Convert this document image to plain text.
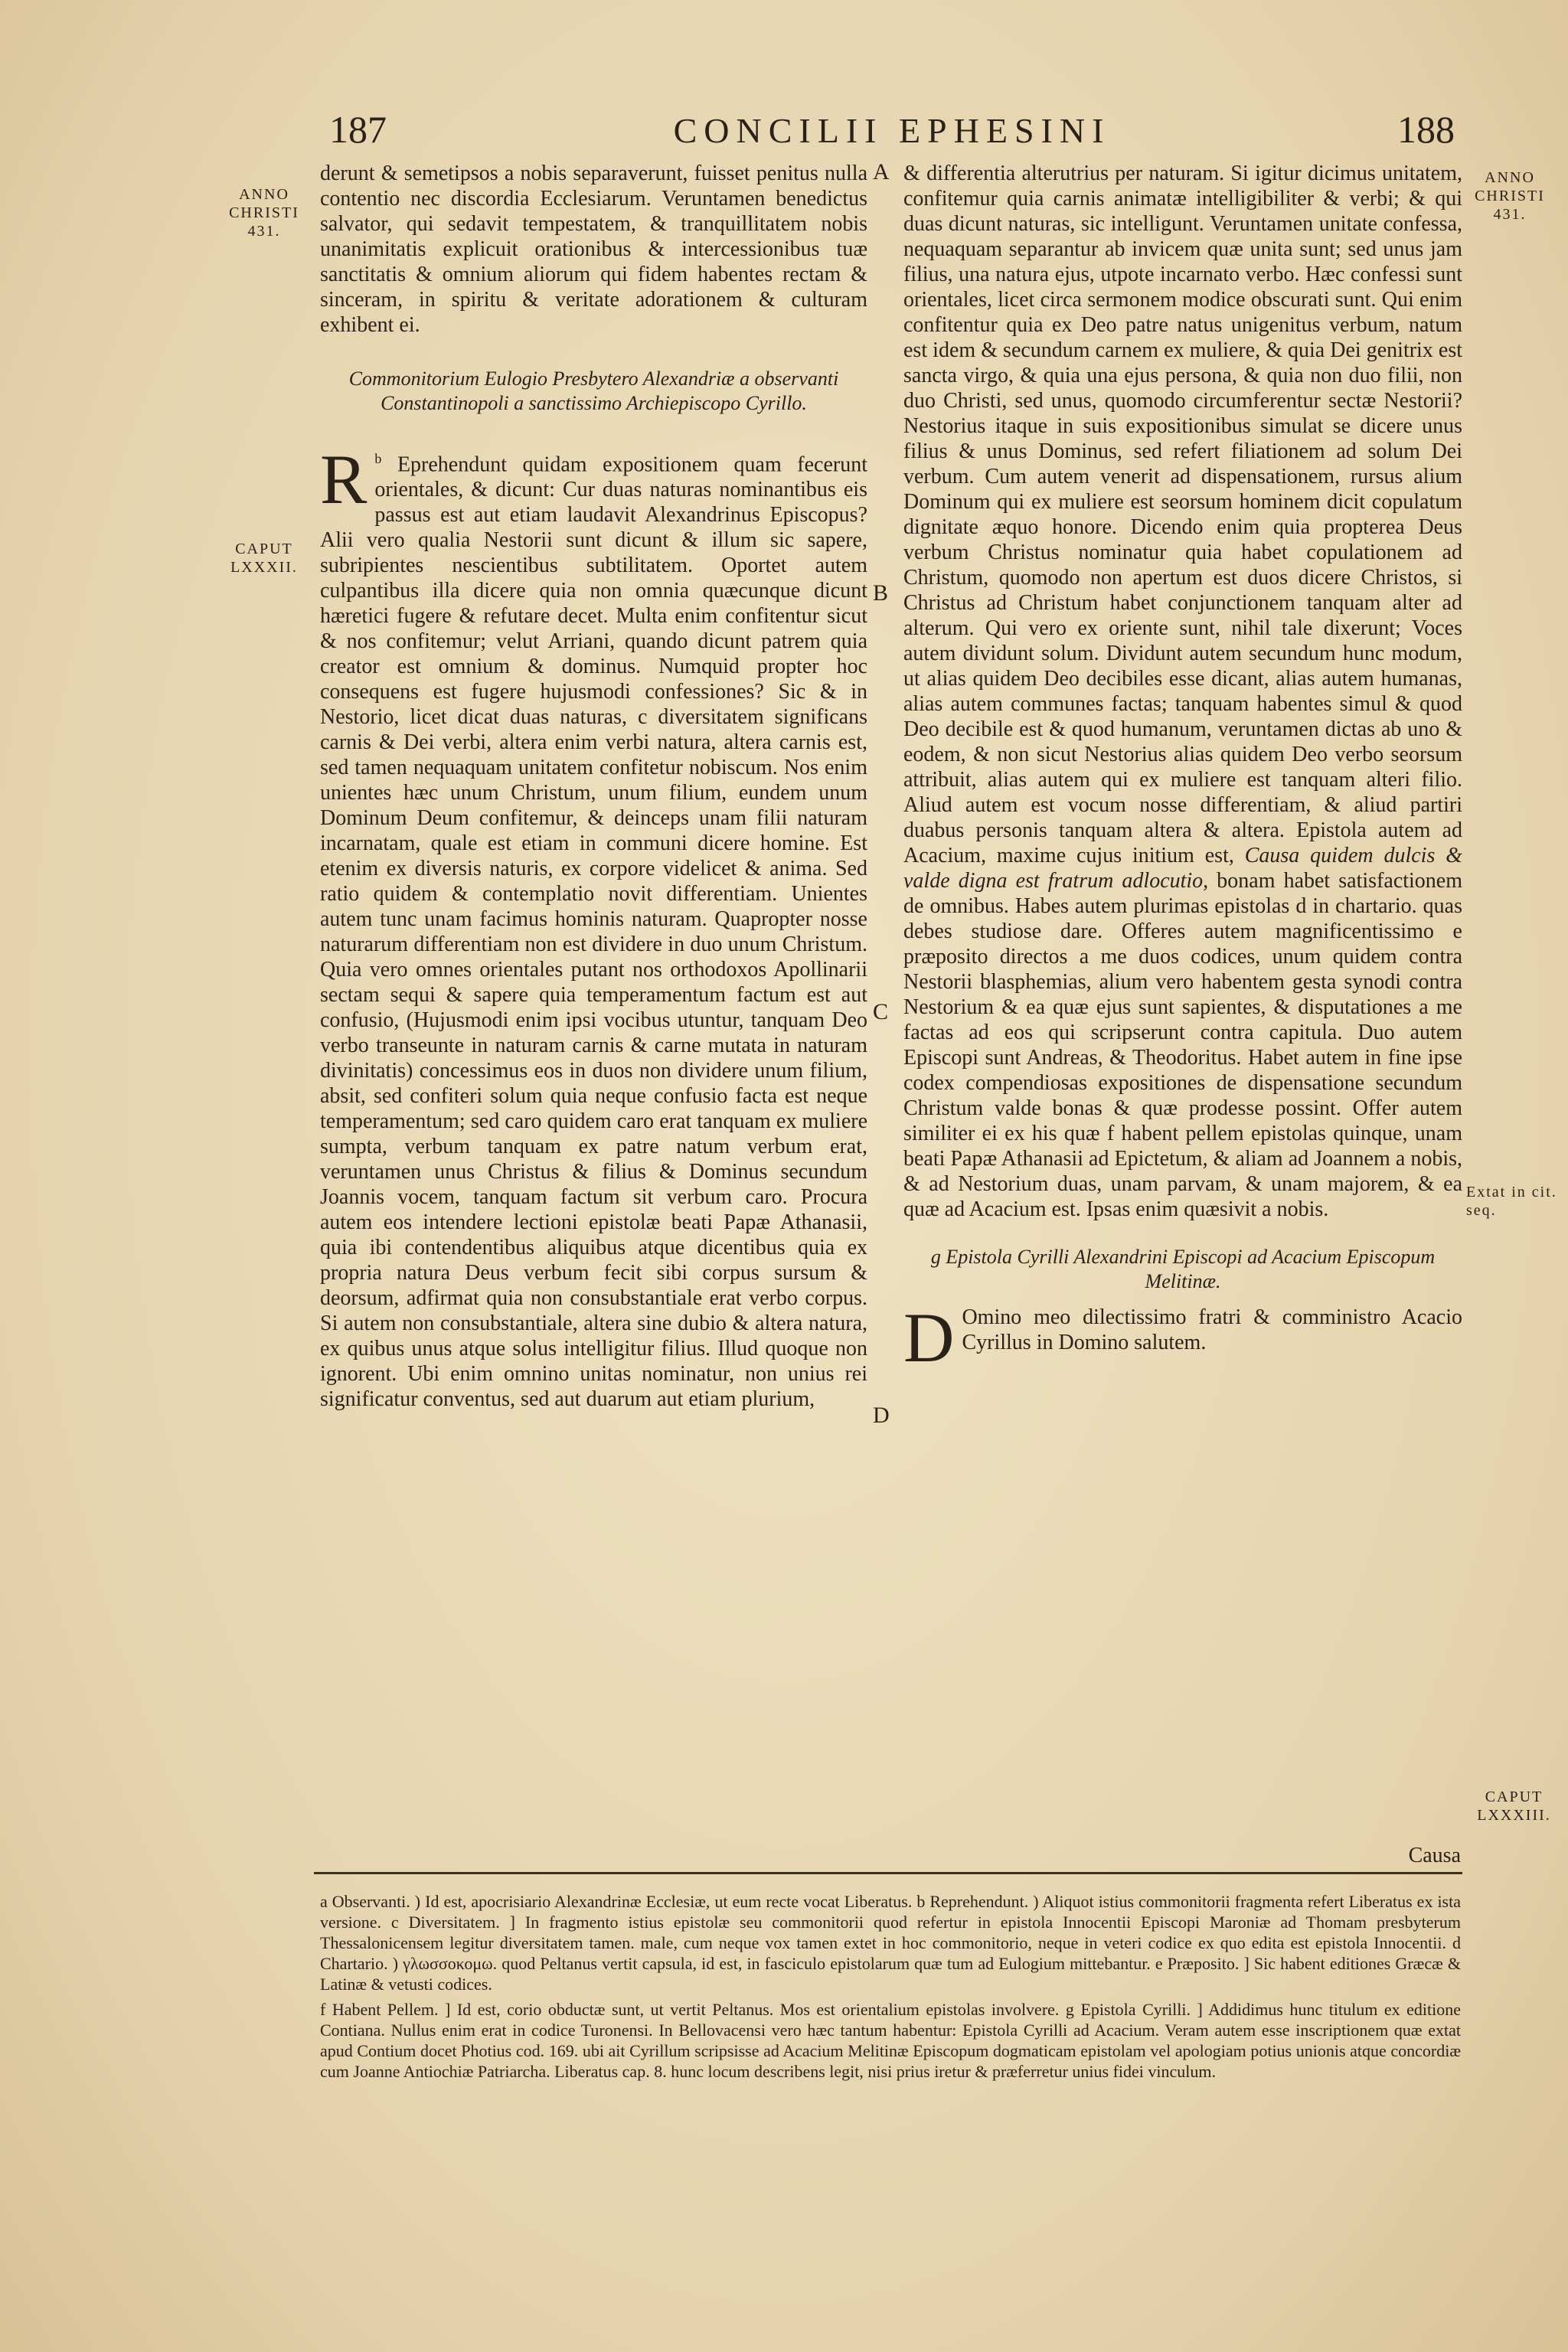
187	CONCILII EPHESINI	188
ANNO
CHRISTI
431.
CAPUT
LXXXII.
ANNO
CHRISTI
431.
Extat in cit. seq.
CAPUT
LXXXIII.
A
B
C
D

derunt & semetipsos a nobis separaverunt, fuisset penitus nulla contentio nec discordia Ecclesiarum. Veruntamen benedictus salvator, qui sedavit tempestatem, & tranquillitatem nobis unanimitatis explicuit orationibus & intercessionibus tuæ sanctitatis & omnium aliorum qui fidem habentes rectam & sinceram, in spiritu & veritate adorationem & culturam exhibent ei.

Commonitorium Eulogio Presbytero Alexandriæ a observanti Constantinopoli a sanctissimo Archiepiscopo Cyrillo.

$^b$
R Eprehendunt quidam expositionem quam fecerunt orientales, & dicunt: Cur duas naturas nominantibus eis passus est aut etiam laudavit Alexandrinus Episcopus? Alii vero qualia Nestorii sunt dicunt & illum sic sapere, subripientes nescientibus subtilitatem. Oportet autem culpantibus illa dicere quia non omnia quæcunque dicunt hæretici fugere & refutare decet. Multa enim confitentur sicut & nos confitemur; velut Arriani, quando dicunt patrem quia creator est omnium & dominus. Numquid propter hoc consequens est fugere hujusmodi confessiones? Sic & in Nestorio, licet dicat duas naturas, c diversitatem significans carnis & Dei verbi, altera enim verbi natura, altera carnis est, sed tamen nequaquam unitatem confitetur nobiscum. Nos enim unientes hæc unum Christum, unum filium, eundem unum Dominum Deum confitemur, & deinceps unam filii naturam incarnatam, quale est etiam in communi dicere homine. Est etenim ex diversis naturis, ex corpore videlicet & anima. Sed ratio quidem & contemplatio novit differentiam. Unientes autem tunc unam facimus hominis naturam. Quapropter nosse naturarum differentiam non est dividere in duo unum Christum. Quia vero omnes orientales putant nos orthodoxos Apollinarii sectam sequi & sapere quia temperamentum factum est aut confusio, (Hujusmodi enim ipsi vocibus utuntur, tanquam Deo verbo transeunte in naturam carnis & carne mutata in naturam divinitatis) concessimus eos in duos non dividere unum filium, absit, sed confiteri solum quia neque confusio facta est neque temperamentum; sed caro quidem caro erat tanquam ex muliere sumpta, verbum tanquam ex patre natum verbum erat, veruntamen unus Christus & filius & Dominus secundum Joannis vocem, tanquam factum sit verbum caro. Procura autem eos intendere lectioni epistolæ beati Papæ Athanasii, quia ibi contendentibus aliquibus atque dicentibus quia ex propria natura Deus verbum fecit sibi corpus sursum & deorsum, adfirmat quia non consubstantiale erat verbo corpus. Si autem non consubstantiale, altera sine dubio & altera natura, ex quibus unus atque solus intelligitur filius. Illud quoque non ignorent. Ubi enim omnino unitas nominatur, non unius rei significatur conventus, sed aut duarum aut etiam plurium,

& differentia alterutrius per naturam. Si igitur dicimus unitatem, confitemur quia carnis animatæ intelligibiliter & verbi; & qui duas dicunt naturas, sic intelligunt. Veruntamen unitate confessa, nequaquam separantur ab invicem quæ unita sunt; sed unus jam filius, una natura ejus, utpote incarnato verbo. Hæc confessi sunt orientales, licet circa sermonem modice obscurati sunt. Qui enim confitentur quia ex Deo patre natus unigenitus verbum, natum est idem & secundum carnem ex muliere, & quia Dei genitrix est sancta virgo, & quia una ejus persona, & quia non duo filii, non duo Christi, sed unus, quomodo circumferentur sectæ Nestorii? Nestorius itaque in suis expositionibus simulat se dicere unus filius & unus Dominus, sed refert filiationem ad solum Dei verbum. Cum autem venerit ad dispensationem, rursus alium Dominum qui ex muliere est seorsum hominem dicit copulatum dignitate æquo honore. Dicendo enim quia propterea Deus verbum Christus nominatur quia habet copulationem ad Christum, quomodo non apertum est duos dicere Christos, si Christus ad Christum habet conjunctionem tanquam alter ad alterum. Qui vero ex oriente sunt, nihil tale dixerunt; Voces autem dividunt solum. Dividunt autem secundum hunc modum, ut alias quidem Deo decibiles esse dicant, alias autem humanas, alias autem communes factas; tanquam habentes simul & quod Deo decibile est & quod humanum, veruntamen dictas ab uno & eodem, & non sicut Nestorius alias quidem Deo verbo seorsum attribuit, alias autem qui ex muliere est tanquam alteri filio. Aliud autem est vocum nosse differentiam, & aliud partiri duabus personis tanquam altera & altera. Epistola autem ad Acacium, maxime cujus initium est, Causa quidem dulcis & valde digna est fratrum adlocutio, bonam habet satisfactionem de omnibus. Habes autem plurimas epistolas d in chartario. quas debes studiose dare. Offeres autem magnificentissimo e præposito directos a me duos codices, unum quidem contra Nestorii blasphemias, alium vero habentem gesta synodi contra Nestorium & ea quæ ejus sunt sapientes, & disputationes a me factas ad eos qui scripserunt contra capitula. Duo autem Episcopi sunt Andreas, & Theodoritus. Habet autem in fine ipse codex compendiosas expositiones de dispensatione secundum Christum valde bonas & quæ prodesse possint. Offer autem similiter ei ex his quæ f habent pellem epistolas quinque, unam beati Papæ Athanasii ad Epictetum, & aliam ad Joannem a nobis, & ad Nestorium duas, unam parvam, & unam majorem, & ea quæ ad Acacium est. Ipsas enim quæsivit a nobis.

g Epistola Cyrilli Alexandrini Episcopi ad Acacium Episcopum Melitinæ.

D Omino meo dilectissimo fratri & comministro Acacio Cyrillus in Domino salutem.

Causa

a Observanti. ) Id est, apocrisiario Alexandrinæ Ecclesiæ, ut eum recte vocat Liberatus. b Reprehendunt. ) Aliquot istius commonitorii fragmenta refert Liberatus ex ista versione. c Diversitatem. ] In fragmento istius epistolæ seu commonitorii quod refertur in epistola Innocentii Episcopi Maroniæ ad Thomam presbyterum Thessalonicensem legitur diversitatem tamen. male, cum neque vox tamen extet in hoc commonitorio, neque in veteri codice ex quo edita est epistola Innocentii. d Chartario. ) γλωσσοκομω. quod Peltanus vertit capsula, id est, in fasciculo epistolarum quæ tum ad Eulogium mittebantur. e Præposito. ] Sic habent editiones Græcæ & Latinæ & vetusti codices.

f Habent Pellem. ] Id est, corio obductæ sunt, ut vertit Peltanus. Mos est orientalium epistolas involvere. g Epistola Cyrilli. ] Addidimus hunc titulum ex editione Contiana. Nullus enim erat in codice Turonensi. In Bellovacensi vero hæc tantum habentur: Epistola Cyrilli ad Acacium. Veram autem esse inscriptionem quæ extat apud Contium docet Photius cod. 169. ubi ait Cyrillum scripsisse ad Acacium Melitinæ Episcopum dogmaticam epistolam vel apologiam potius unionis atque concordiæ cum Joanne Antiochiæ Patriarcha. Liberatus cap. 8. hunc locum describens legit, nisi prius iretur & præferretur unius fidei vinculum.
